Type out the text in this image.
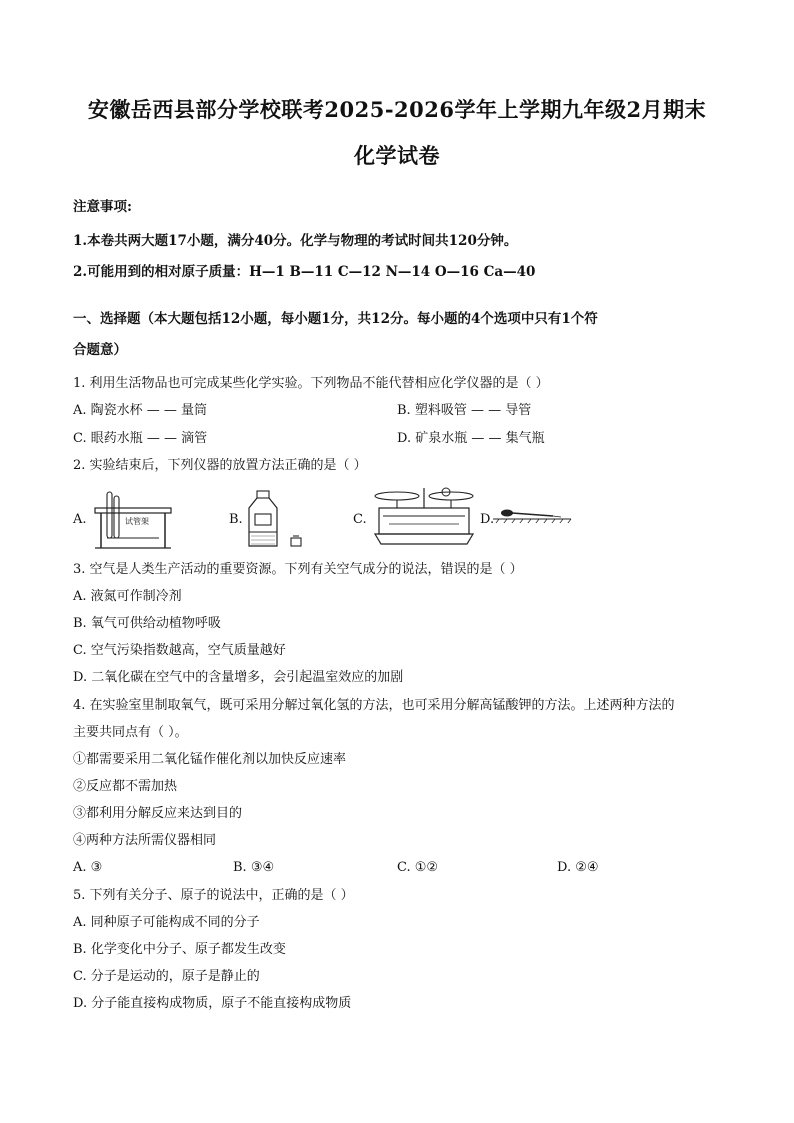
安徽岳西县部分学校联考2025-2026学年上学期九年级2月期末
化学试卷
注意事项:
1.本卷共两大题17小题，满分40分。化学与物理的考试时间共120分钟。
2.可能用到的相对原子质量：H—1 B—11 C—12 N—14 O—16 Ca—40
一、选择题（本大题包括12小题，每小题1分，共12分。每小题的4个选项中只有1个符
合题意）
1. 利用生活物品也可完成某些化学实验。下列物品不能代替相应化学仪器的是（ ）
A. 陶瓷水杯 — — 量筒	B. 塑料吸管 — — 导管
C. 眼药水瓶 — — 滴管	D. 矿泉水瓶 — — 集气瓶
2. 实验结束后，下列仪器的放置方法正确的是（ ）
A.	试管架	B.	C.	D.
3. 空气是人类生产活动的重要资源。下列有关空气成分的说法，错误的是（ ）
A. 液氮可作制冷剂
B. 氧气可供给动植物呼吸
C. 空气污染指数越高，空气质量越好
D. 二氧化碳在空气中的含量增多，会引起温室效应的加剧
4. 在实验室里制取氧气，既可采用分解过氧化氢的方法，也可采用分解高锰酸钾的方法。上述两种方法的
主要共同点有（ ）。
①都需要采用二氧化锰作催化剂以加快反应速率
②反应都不需加热
③都利用分解反应来达到目的
④两种方法所需仪器相同
A. ③	B. ③④	C. ①②	D. ②④
5. 下列有关分子、原子的说法中，正确的是（ ）
A. 同种原子可能构成不同的分子
B. 化学变化中分子、原子都发生改变
C. 分子是运动的，原子是静止的
D. 分子能直接构成物质，原子不能直接构成物质
